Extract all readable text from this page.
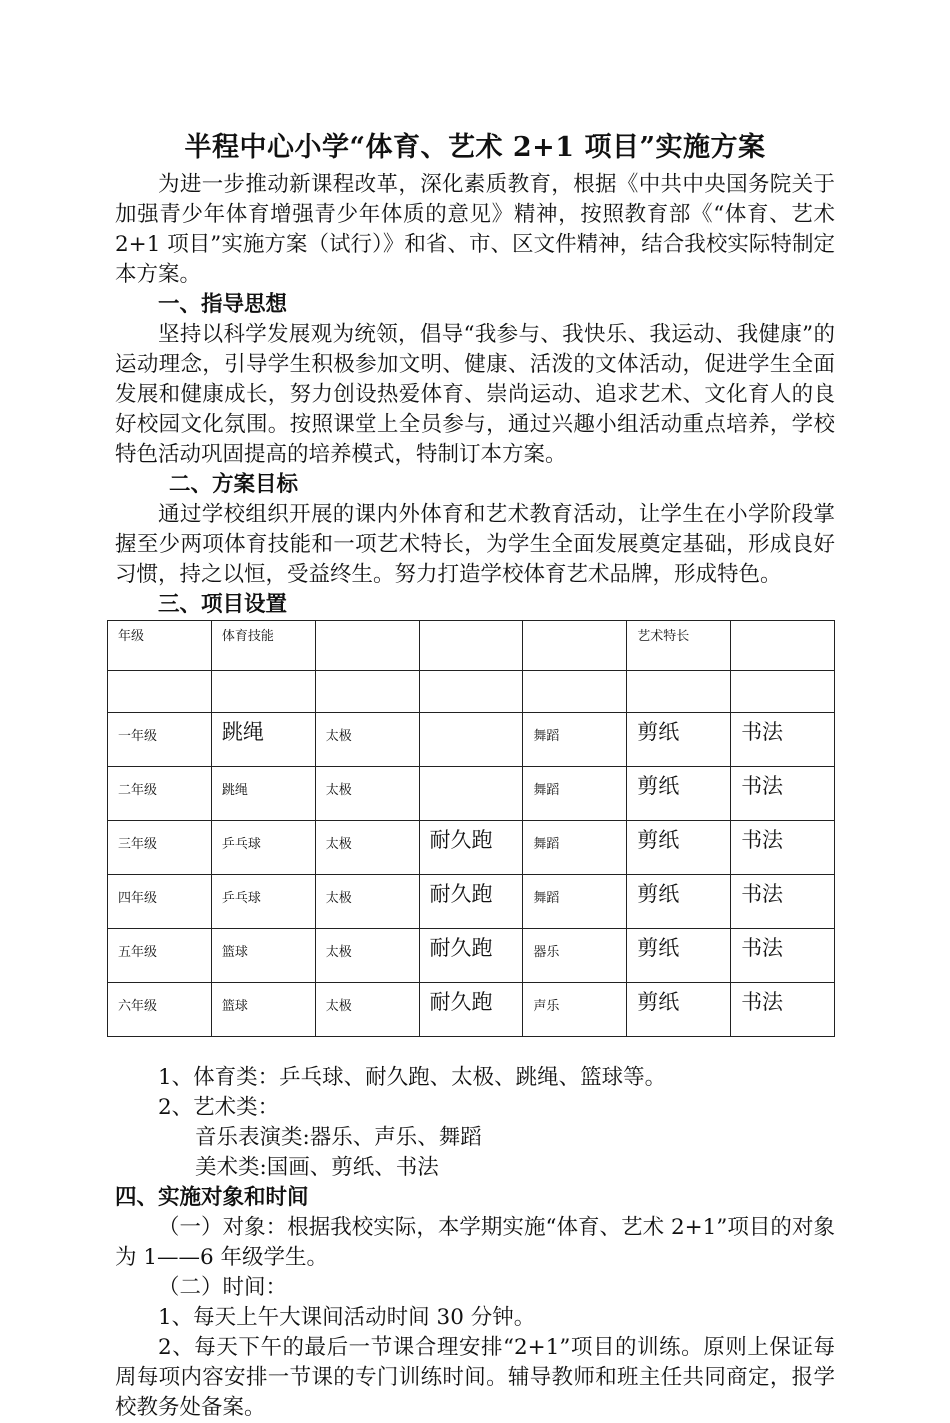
半程中心小学“体育、艺术 2+1 项目”实施方案

为进一步推动新课程改革，深化素质教育，根据《中共中央国务院关于加强青少年体育增强青少年体质的意见》精神，按照教育部《“体育、艺术 2+1 项目”实施方案（试行）》和省、市、区文件精神，结合我校实际特制定本方案。

一、指导思想

坚持以科学发展观为统领，倡导“我参与、我快乐、我运动、我健康”的运动理念，引导学生积极参加文明、健康、活泼的文体活动，促进学生全面发展和健康成长，努力创设热爱体育、崇尚运动、追求艺术、文化育人的良好校园文化氛围。按照课堂上全员参与，通过兴趣小组活动重点培养，学校特色活动巩固提高的培养模式，特制订本方案。

二、方案目标

通过学校组织开展的课内外体育和艺术教育活动，让学生在小学阶段掌握至少两项体育技能和一项艺术特长，为学生全面发展奠定基础，形成良好习惯，持之以恒，受益终生。努力打造学校体育艺术品牌，形成特色。

三、项目设置
年级	体育技能				艺术特长	

一年级	跳绳	太极		舞蹈	剪纸	书法
二年级	跳绳	太极		舞蹈	剪纸	书法
三年级	乒乓球	太极	耐久跑	舞蹈	剪纸	书法
四年级	乒乓球	太极	耐久跑	舞蹈	剪纸	书法
五年级	篮球	太极	耐久跑	器乐	剪纸	书法
六年级	篮球	太极	耐久跑	声乐	剪纸	书法

1、体育类：乒乓球、耐久跑、太极、跳绳、篮球等。

2、艺术类：

音乐表演类:器乐、声乐、舞蹈

美术类:国画、剪纸、书法

四、实施对象和时间

（一）对象：根据我校实际，本学期实施“体育、艺术 2+1”项目的对象为 1——6 年级学生。

（二）时间：

1、每天上午大课间活动时间 30 分钟。

2、每天下午的最后一节课合理安排“2+1”项目的训练。原则上保证每周每项内容安排一节课的专门训练时间。辅导教师和班主任共同商定，报学校教务处备案。
